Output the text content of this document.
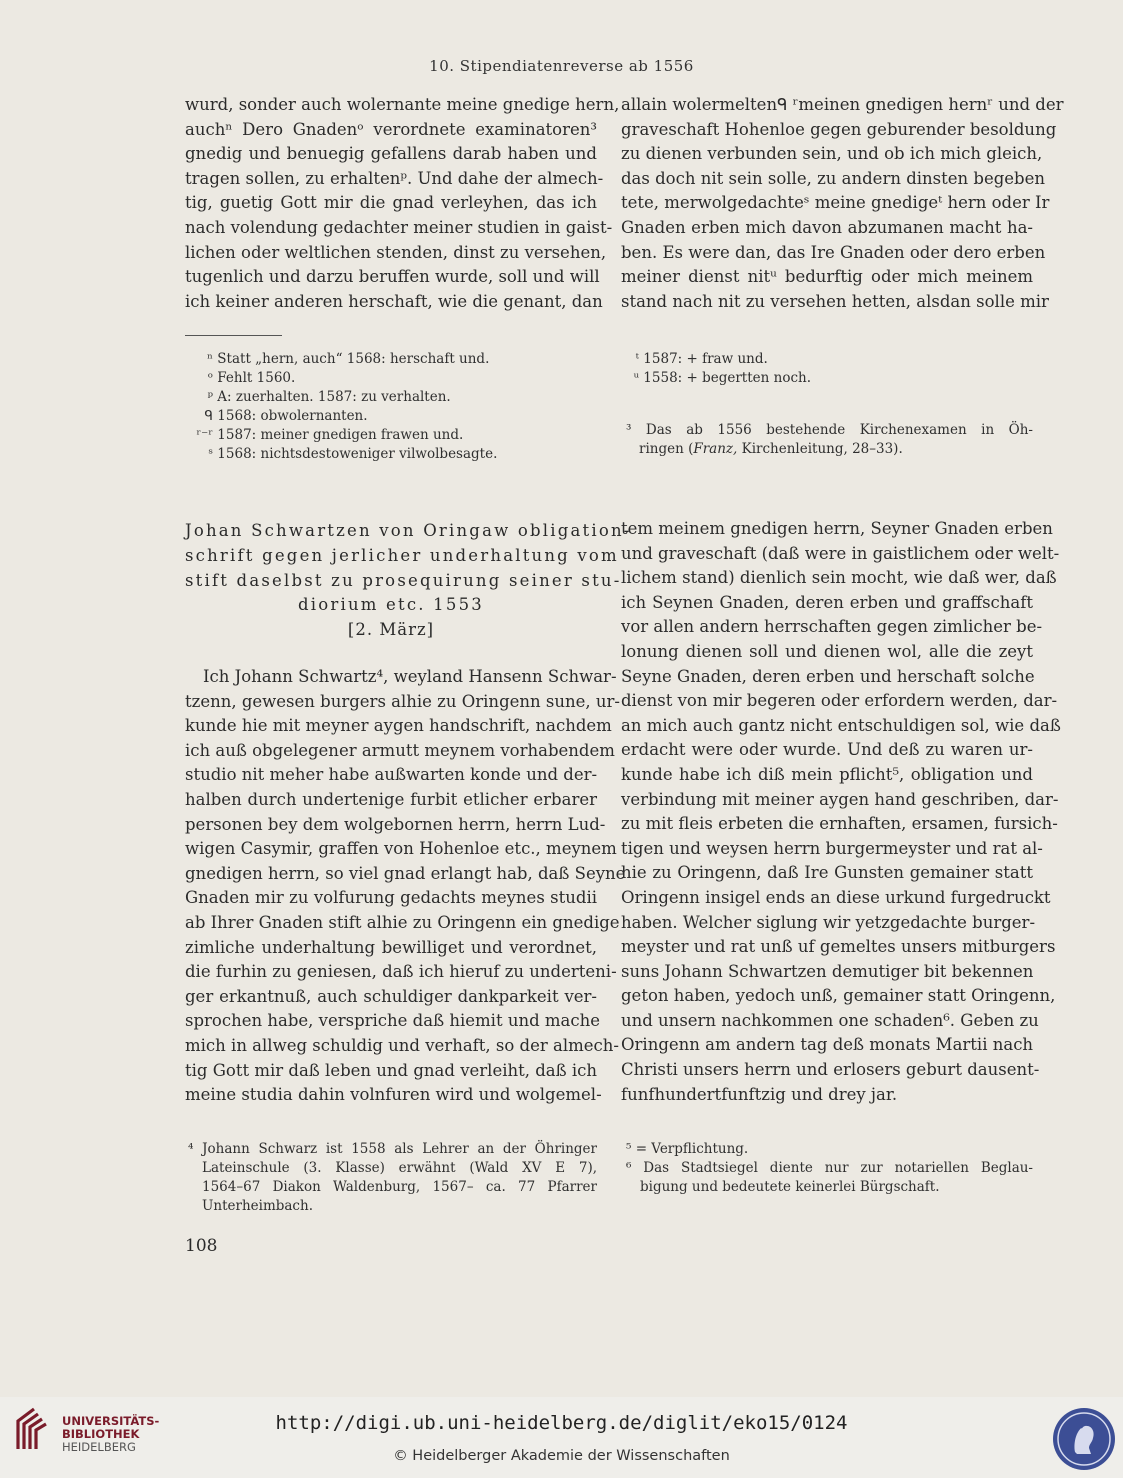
10. Stipendiatenreverse ab 1556
wurd, sonder auch wolernante meine gnedige hern,
auchⁿ Dero Gnadenᵒ verordnete examinatoren³
gnedig und benuegig gefallens darab haben und
tragen sollen, zu erhaltenᵖ. Und dahe der almech-
tig, guetig Gott mir die gnad verleyhen, das ich
nach volendung gedachter meiner studien in gaist-
lichen oder weltlichen stenden, dinst zu versehen,
tugenlich und darzu beruffen wurde, soll und will
ich keiner anderen herschaft, wie die genant, dan
allain wolermeltenᑫ ʳmeinen gnedigen hernʳ und der
graveschaft Hohenloe gegen geburender besoldung
zu dienen verbunden sein, und ob ich mich gleich,
das doch nit sein solle, zu andern dinsten begeben
tete, merwolgedachteˢ meine gnedigeᵗ hern oder Ir
Gnaden erben mich davon abzumanen macht ha-
ben. Es were dan, das Ire Gnaden oder dero erben
meiner dienst nitᵘ bedurftig oder mich meinem
stand nach nit zu versehen hetten, alsdan solle mir
ⁿ Statt „hern, auch“ 1568: herschaft und.
ᵒ Fehlt 1560.
ᵖ A: zuerhalten. 1587: zu verhalten.
ᑫ 1568: obwolernanten.
ʳ⁻ʳ 1587: meiner gnedigen frawen und.
ˢ 1568: nichtsdestoweniger vilwolbesagte.
ᵗ 1587: + fraw und.
ᵘ 1558: + begertten noch.
³ Das ab 1556 bestehende Kirchenexamen in Öh-
ringen (Franz, Kirchenleitung, 28–33).
Johan Schwartzen von Oringaw obligation-
schrift gegen jerlicher underhaltung vom
stift daselbst zu prosequirung seiner stu-
diorium etc. 1553
[2. März]
Ich Johann Schwartz⁴, weyland Hansenn Schwar-
tzenn, gewesen burgers alhie zu Oringenn sune, ur-
kunde hie mit meyner aygen handschrift, nachdem
ich auß obgelegener armutt meynem vorhabendem
studio nit meher habe außwarten konde und der-
halben durch undertenige furbit etlicher erbarer
personen bey dem wolgebornen herrn, herrn Lud-
wigen Casymir, graffen von Hohenloe etc., meynem
gnedigen herrn, so viel gnad erlangt hab, daß Seyne
Gnaden mir zu volfurung gedachts meynes studii
ab Ihrer Gnaden stift alhie zu Oringenn ein gnedige
zimliche underhaltung bewilliget und verordnet,
die furhin zu geniesen, daß ich hieruf zu underteni-
ger erkantnuß, auch schuldiger dankparkeit ver-
sprochen habe, verspriche daß hiemit und mache
mich in allweg schuldig und verhaft, so der almech-
tig Gott mir daß leben und gnad verleiht, daß ich
meine studia dahin volnfuren wird und wolgemel-
tem meinem gnedigen herrn, Seyner Gnaden erben
und graveschaft (daß were in gaistlichem oder welt-
lichem stand) dienlich sein mocht, wie daß wer, daß
ich Seynen Gnaden, deren erben und graffschaft
vor allen andern herrschaften gegen zimlicher be-
lonung dienen soll und dienen wol, alle die zeyt
Seyne Gnaden, deren erben und herschaft solche
dienst von mir begeren oder erfordern werden, dar-
an mich auch gantz nicht entschuldigen sol, wie daß
erdacht were oder wurde. Und deß zu waren ur-
kunde habe ich diß mein pflicht⁵, obligation und
verbindung mit meiner aygen hand geschriben, dar-
zu mit fleis erbeten die ernhaften, ersamen, fursich-
tigen und weysen herrn burgermeyster und rat al-
hie zu Oringenn, daß Ire Gunsten gemainer statt
Oringenn insigel ends an diese urkund furgedruckt
haben. Welcher siglung wir yetzgedachte burger-
meyster und rat unß uf gemeltes unsers mitburgers
suns Johann Schwartzen demutiger bit bekennen
geton haben, yedoch unß, gemainer statt Oringenn,
und unsern nachkommen one schaden⁶. Geben zu
Oringenn am andern tag deß monats Martii nach
Christi unsers herrn und erlosers geburt dausent-
funfhundertfunftzig und drey jar.
⁴ Johann Schwarz ist 1558 als Lehrer an der Öhringer
Lateinschule (3. Klasse) erwähnt (Wald XV E 7),
1564–67 Diakon Waldenburg, 1567– ca. 77 Pfarrer
Unterheimbach.
⁵ = Verpflichtung.
⁶ Das Stadtsiegel diente nur zur notariellen Beglau-
bigung und bedeutete keinerlei Bürgschaft.
108
UNIVERSITÄTS-
BIBLIOTHEK
HEIDELBERG
http://digi.ub.uni-heidelberg.de/diglit/eko15/0124
© Heidelberger Akademie der Wissenschaften
